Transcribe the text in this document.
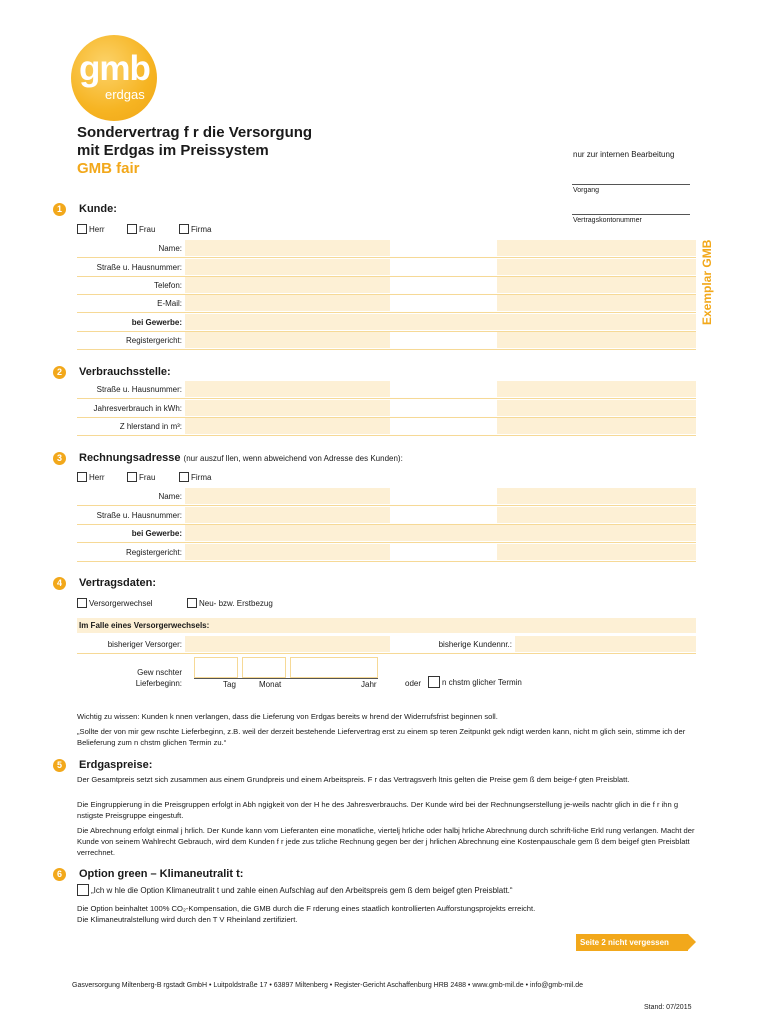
gmb
erdgas
Sondervertrag f r die Versorgung
mit Erdgas im Preissystem
GMB fair
nur zur internen Bearbeitung
Vorgang
Vertragskontonummer
Exemplar GMB
1	Kunde:
Herr	Frau	Firma
Name:
Straße u. Hausnummer:
Telefon:
E-Mail:
bei Gewerbe:
Registergericht:
2	Verbrauchsstelle:
Straße u. Hausnummer:
Jahresverbrauch in kWh:
Z hlerstand in m³:
3	Rechnungsadresse (nur auszuf llen, wenn abweichend von Adresse des Kunden):
Herr	Frau	Firma
Name:
Straße u. Hausnummer:
bei Gewerbe:
Registergericht:
4	Vertragsdaten:
Versorgerwechsel	Neu- bzw. Erstbezug
Im Falle eines Versorgerwechsels:
bisheriger Versorger:	bisherige Kundennr.:
Gew nschter
Lieferbeginn:	Tag	Monat	Jahr	oder	n chstm glicher Termin
Wichtig zu wissen: Kunden k nnen verlangen, dass die Lieferung von Erdgas bereits w hrend der Widerrufsfrist beginnen soll.
„Sollte der von mir gew nschte Lieferbeginn, z.B. weil der derzeit bestehende Liefervertrag erst zu einem sp teren Zeitpunkt gek ndigt werden kann, nicht m glich sein, stimme ich der Belieferung zum n chstm glichen Termin zu.“
5	Erdgaspreise:
Der Gesamtpreis setzt sich zusammen aus einem Grundpreis und einem Arbeitspreis. F r das Vertragsverh ltnis gelten die Preise gem ß dem beige-f gten Preisblatt.
Die Eingruppierung in die Preisgruppen erfolgt in Abh ngigkeit von der H he des Jahresverbrauchs. Der Kunde wird bei der Rechnungserstellung je-weils nachtr glich in die f r ihn g nstigste Preisgruppe eingestuft.
Die Abrechnung erfolgt einmal j hrlich. Der Kunde kann vom Lieferanten eine monatliche, viertelj hrliche oder halbj hrliche Abrechnung durch schrift-liche Erkl rung verlangen. Macht der Kunde von seinem Wahlrecht Gebrauch, wird dem Kunden f r jede zus tzliche Rechnung gegen ber der j hrlichen Abrechnung eine Kostenpauschale gem ß dem beigef gten Preisblatt verrechnet.
6	Option green – Klimaneutralit t:
„Ich w hle die Option Klimaneutralit t und zahle einen Aufschlag auf den Arbeitspreis gem ß dem beigef gten Preisblatt.“
Die Option beinhaltet 100% CO₂-Kompensation, die GMB durch die F rderung eines staatlich kontrollierten Aufforstungsprojekts erreicht.
Die Klimaneutralstellung wird durch den T V Rheinland zertifiziert.
Seite 2 nicht vergessen
Gasversorgung Miltenberg-B rgstadt GmbH • Luitpoldstraße 17 • 63897 Miltenberg • Register-Gericht Aschaffenburg HRB 2488 • www.gmb-mil.de • info@gmb-mil.de
Stand: 07/2015
